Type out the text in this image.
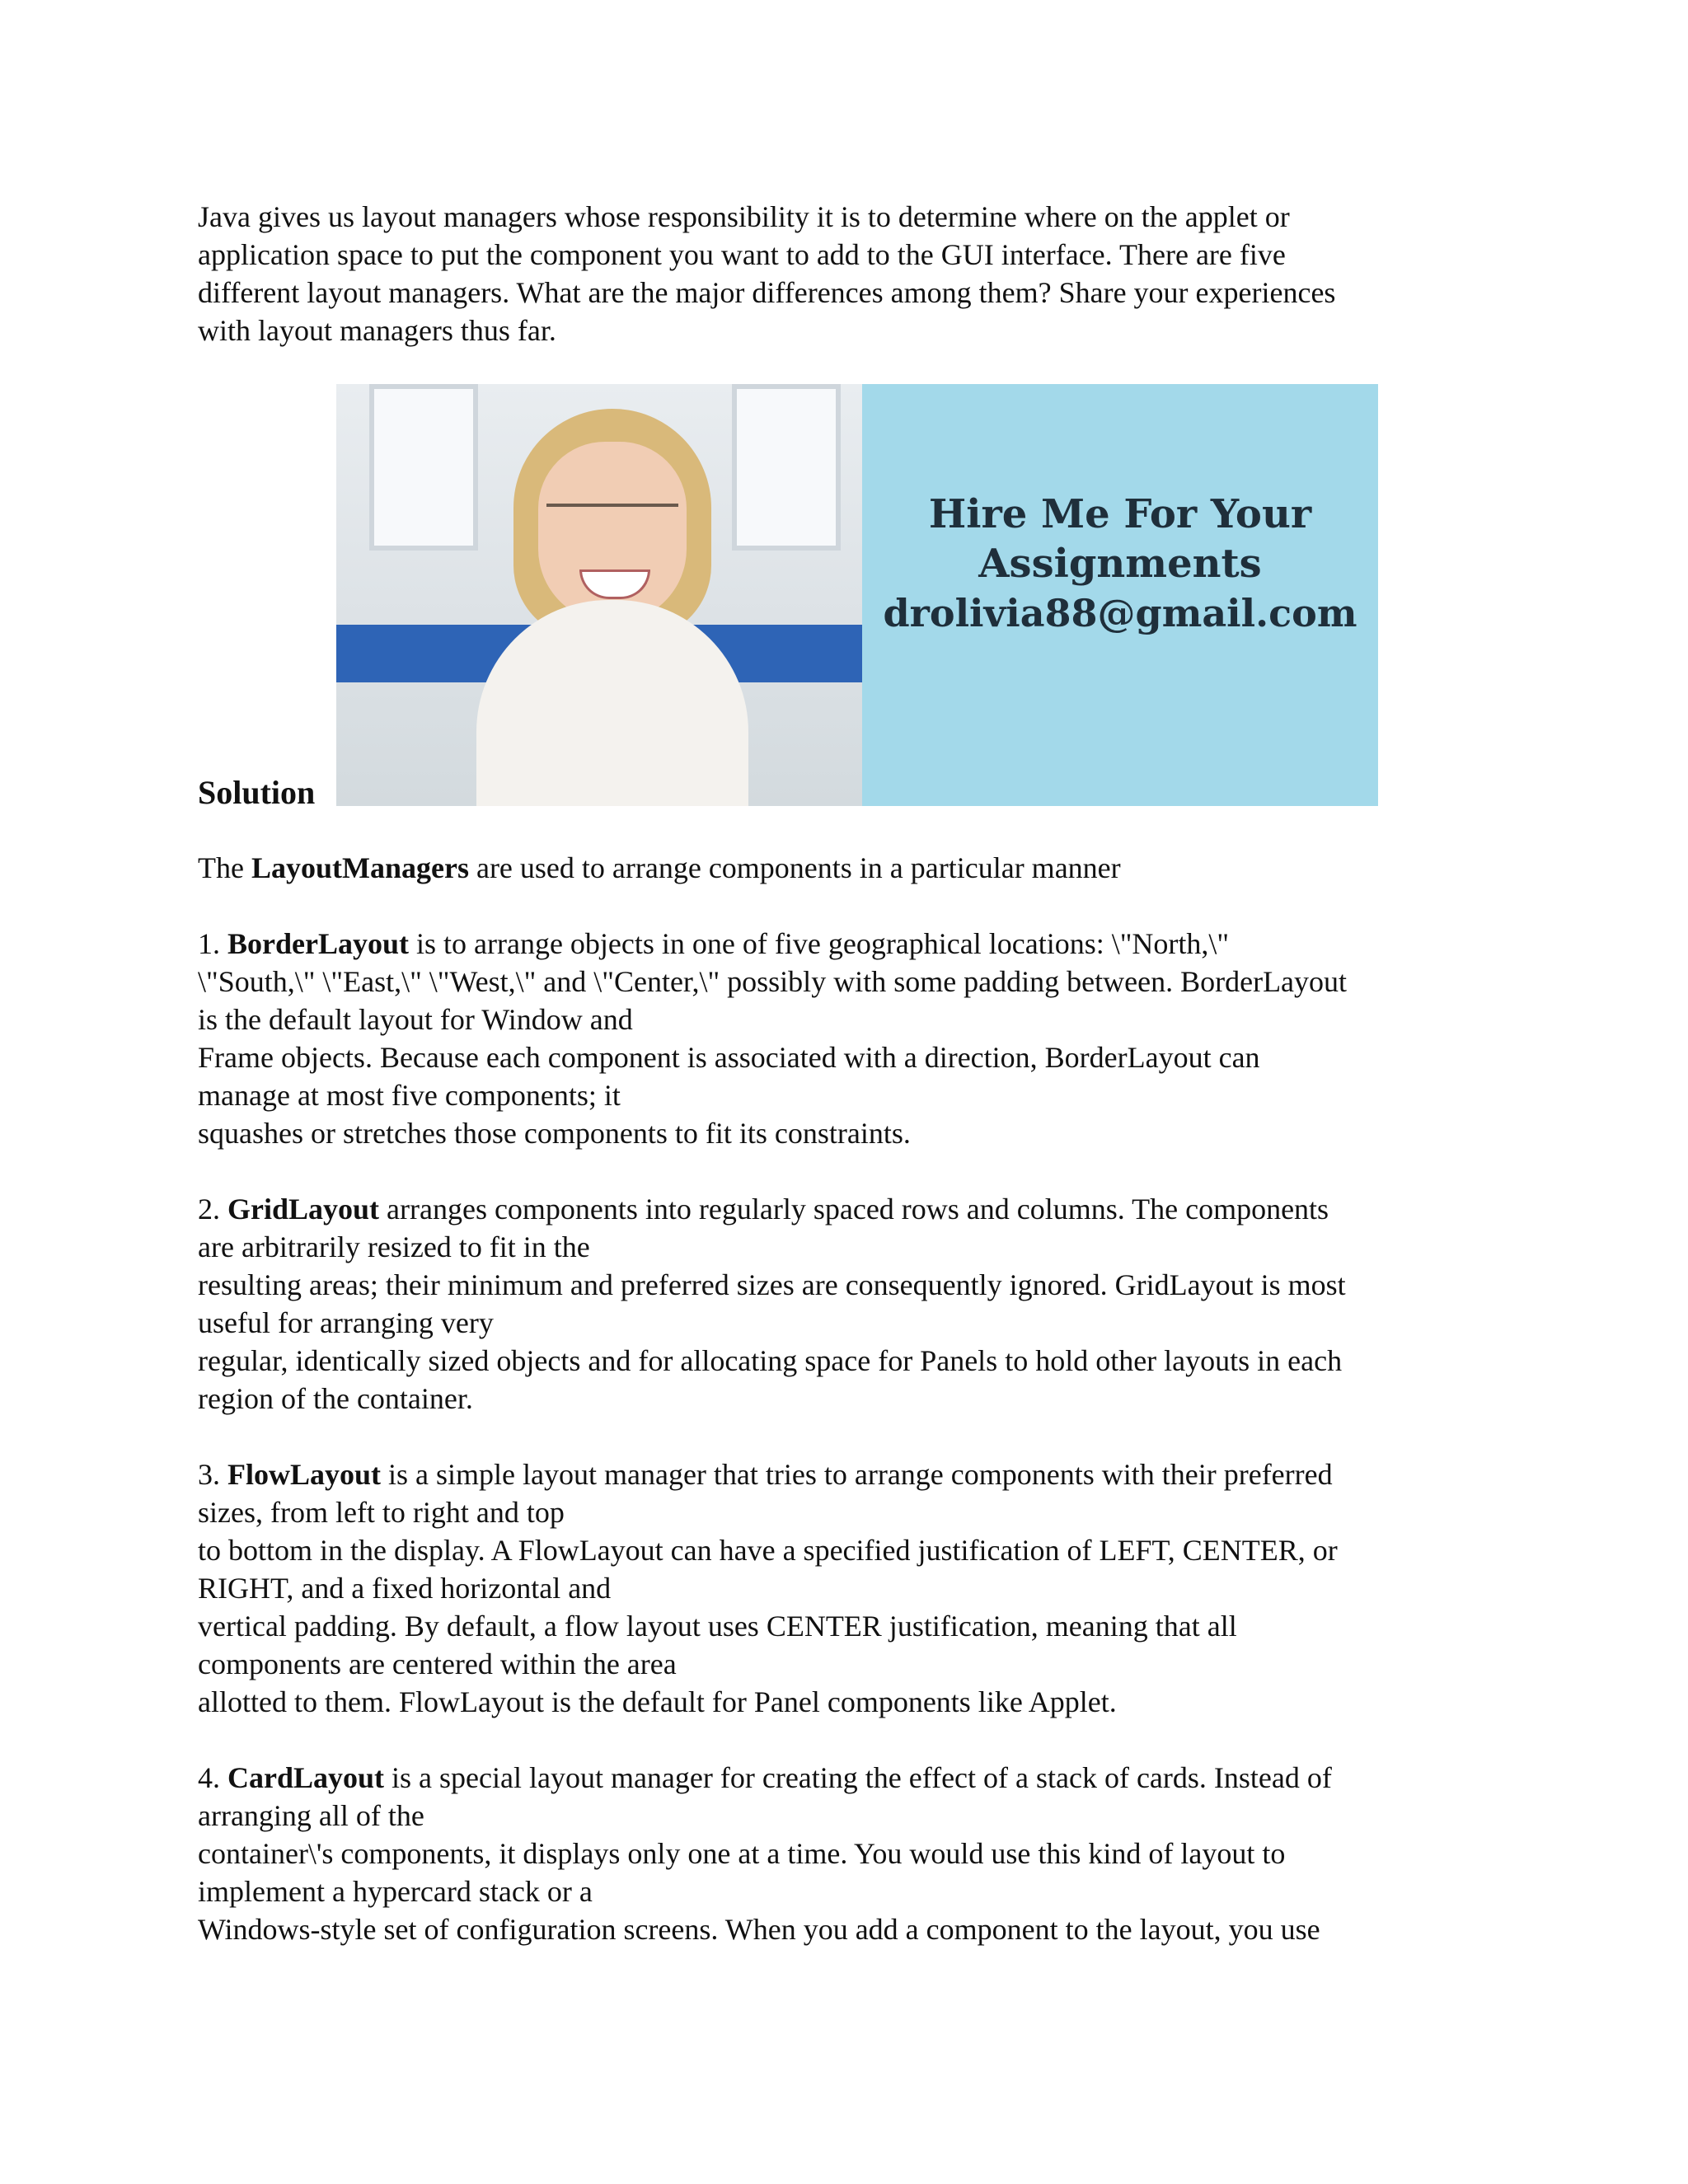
Java gives us layout managers whose responsibility it is to determine where on the applet or
application space to put the component you want to add to the GUI interface. There are five
different layout managers. What are the major differences among them? Share your experiences
with layout managers thus far.
Solution
Hire Me For Your
Assignments
drolivia88@gmail.com
The LayoutManagers are used to arrange components in a particular manner
1. BorderLayout is to arrange objects in one of five geographical locations: \"North,\"
\"South,\" \"East,\" \"West,\" and \"Center,\" possibly with some padding between. BorderLayout
is the default layout for Window and
Frame objects. Because each component is associated with a direction, BorderLayout can
manage at most five components; it
squashes or stretches those components to fit its constraints.
2. GridLayout arranges components into regularly spaced rows and columns. The components
are arbitrarily resized to fit in the
resulting areas; their minimum and preferred sizes are consequently ignored. GridLayout is most
useful for arranging very
regular, identically sized objects and for allocating space for Panels to hold other layouts in each
region of the container.
3. FlowLayout is a simple layout manager that tries to arrange components with their preferred
sizes, from left to right and top
to bottom in the display. A FlowLayout can have a specified justification of LEFT, CENTER, or
RIGHT, and a fixed horizontal and
vertical padding. By default, a flow layout uses CENTER justification, meaning that all
components are centered within the area
allotted to them. FlowLayout is the default for Panel components like Applet.
4. CardLayout is a special layout manager for creating the effect of a stack of cards. Instead of
arranging all of the
container\'s components, it displays only one at a time. You would use this kind of layout to
implement a hypercard stack or a
Windows-style set of configuration screens. When you add a component to the layout, you use
